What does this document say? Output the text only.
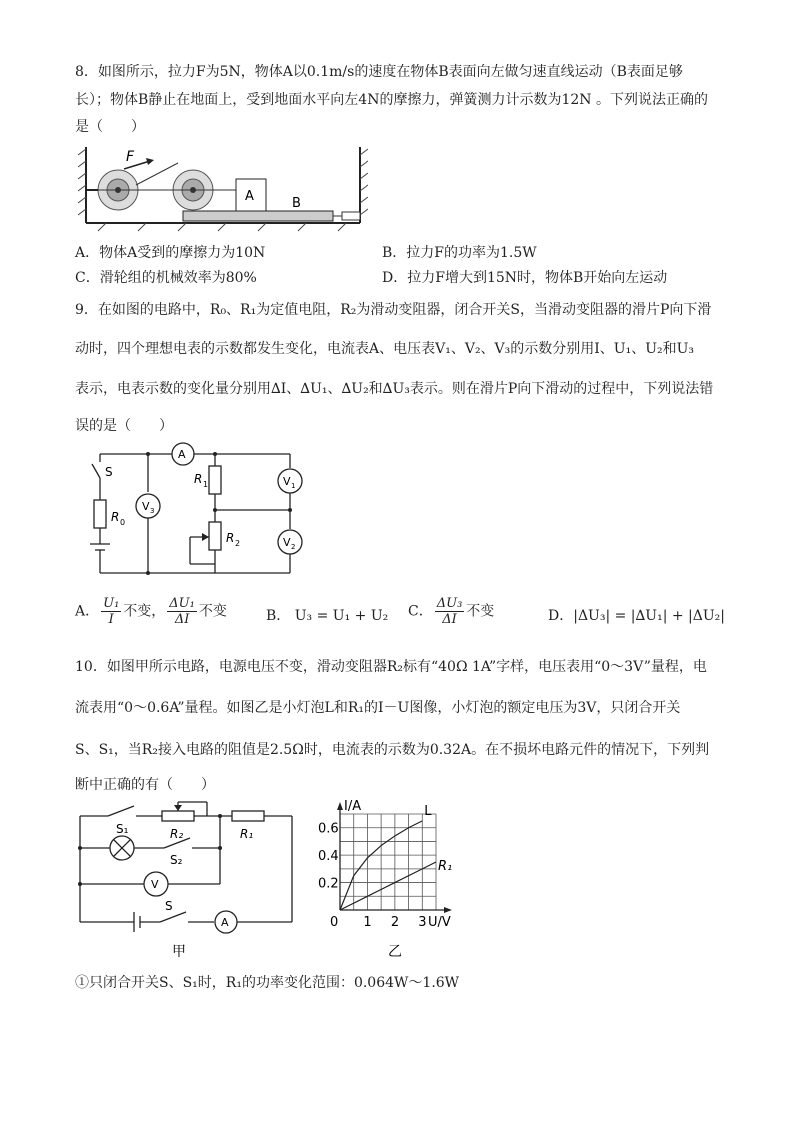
8．如图所示，拉力F为5N，物体A以0.1m/s的速度在物体B表面向左做匀速直线运动（B表面足够
长）；物体B静止在地面上，受到地面水平向左4N的摩擦力，弹簧测力计示数为12N 。下列说法正确的
是（　　）
F
A	B
A．物体A受到的摩擦力为10N	B．拉力F的功率为1.5W
C．滑轮组的机械效率为80%	D．拉力F增大到15N时，物体B开始向左运动
9．在如图的电路中，R₀、R₁为定值电阻，R₂为滑动变阻器，闭合开关S，当滑动变阻器的滑片P向下滑
动时，四个理想电表的示数都发生变化，电流表A、电压表V₁、V₂、V₃的示数分别用I、U₁、U₂和U₃
表示，电表示数的变化量分别用∆I、∆U₁、∆U₂和∆U₃表示。则在滑片P向下滑动的过程中，下列说法错
误的是（　　）
S
R 0
V 3
A
R 1
R 2
V 1
V 2
A． $\frac{\text{U₁}}{I}$ 不变， $\frac{\text{ΔU₁}}{\Delta I}$ 不变	B． U₃ = U₁ + U₂ C． $\frac{\text{ΔU₃}}{\Delta I}$ 不变	D．|ΔU₃| = |∆U₁| + |ΔU₂|
10．如图甲所示电路，电源电压不变，滑动变阻器R₂标有“40Ω 1A”字样，电压表用“0～3V”量程，电
流表用“0～0.6A”量程。如图乙是小灯泡L和R₁的I－U图像，小灯泡的额定电压为3V，只闭合开关
S、S₁，当R₂接入电路的阻值是2.5Ω时，电流表的示数为0.32A。在不损坏电路元件的情况下，下列判
断中正确的有（　　）
S₁	R₂	R₁
S₂
V
S
A
甲
0 1 2 3
0.2
0.4
0.6
L
R₁
I/A
U/V
乙
①只闭合开关S、S₁时，R₁的功率变化范围：0.064W～1.6W
